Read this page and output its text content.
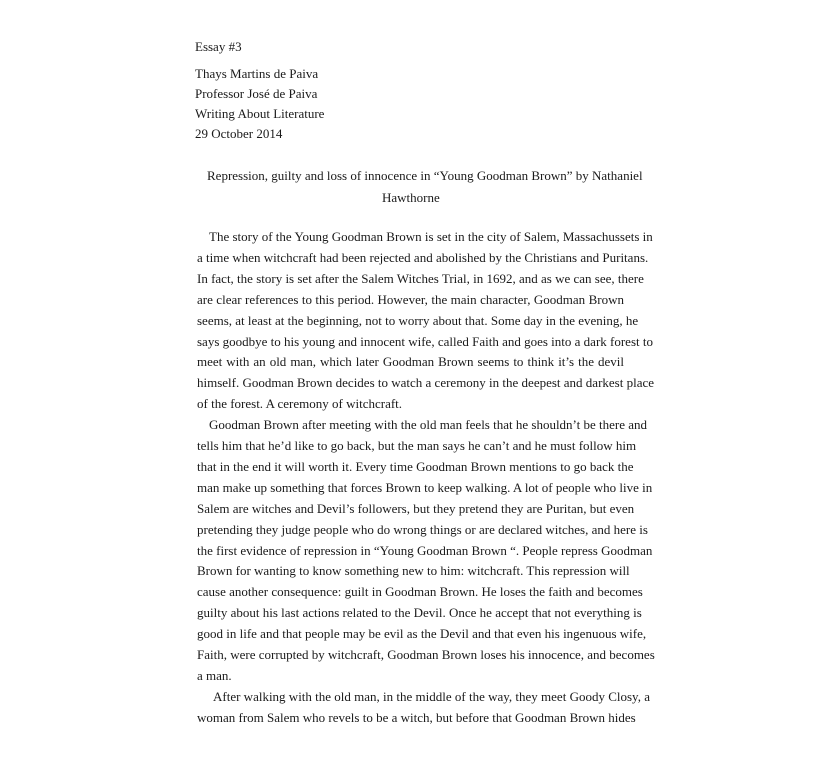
Essay #3
Thays Martins de Paiva
Professor José de Paiva
Writing About Literature
29 October 2014
Repression, guilty and loss of innocence in “Young Goodman Brown” by Nathaniel
Hawthorne
The story of the Young Goodman Brown is set in the city of Salem, Massachussets in
a time when witchcraft had been rejected and abolished by the Christians and Puritans.
In fact, the story is set after the Salem Witches Trial, in 1692, and as we can see, there
are clear references to this period. However, the main character, Goodman Brown
seems, at least at the beginning, not to worry about that. Some day in the evening, he
says goodbye to his young and innocent wife, called Faith and goes into a dark forest to
meet with an old man, which later Goodman Brown seems to think it’s the devil
himself. Goodman Brown decides to watch a ceremony in the deepest and darkest place
of the forest. A ceremony of witchcraft.
Goodman Brown after meeting with the old man feels that he shouldn’t be there and
tells him that he’d like to go back, but the man says he can’t and he must follow him
that in the end it will worth it. Every time Goodman Brown mentions to go back the
man make up something that forces Brown to keep walking. A lot of people who live in
Salem are witches and Devil’s followers, but they pretend they are Puritan, but even
pretending they judge people who do wrong things or are declared witches, and here is
the first evidence of repression in “Young Goodman Brown “. People repress Goodman
Brown for wanting to know something new to him: witchcraft. This repression will
cause another consequence: guilt in Goodman Brown. He loses the faith and becomes
guilty about his last actions related to the Devil. Once he accept that not everything is
good in life and that people may be evil as the Devil and that even his ingenuous wife,
Faith, were corrupted by witchcraft, Goodman Brown loses his innocence, and becomes
a man.
After walking with the old man, in the middle of the way, they meet Goody Closy, a
woman from Salem who revels to be a witch, but before that Goodman Brown hides
